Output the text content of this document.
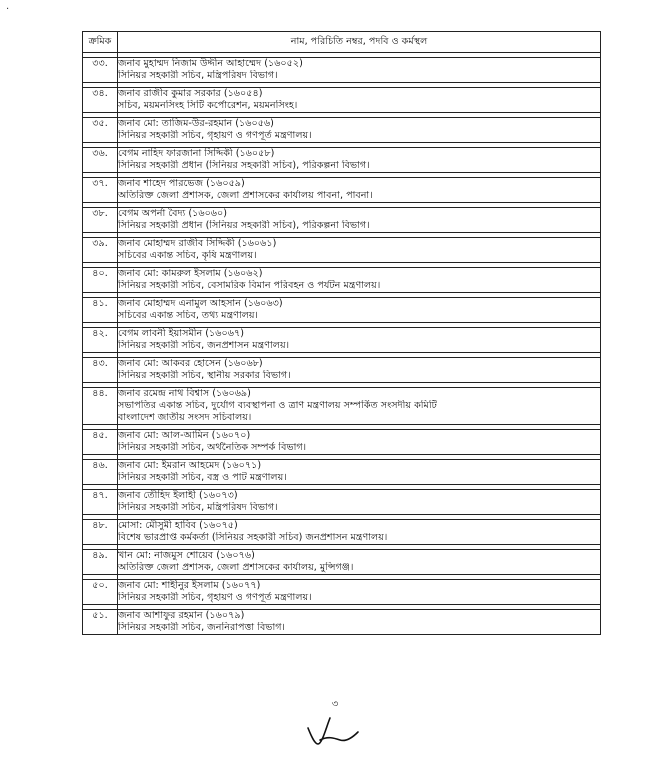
·
ক্রমিক	নাম, পরিচিতি নম্বর, পদবি ও কর্মস্থল

৩৩.	জনাব মুহাম্মদ নিজাম উদ্দীন আহাম্মেদ (১৬০৫২)
সিনিয়র সহকারী সচিব, মন্ত্রিপরিষদ বিভাগ।

৩৪.	জনাব রাজীব কুমার সরকার (১৬০৫৪)
সচিব, ময়মনসিংহ সিটি কর্পোরেশন, ময়মনসিংহ।

৩৫.	জনাব মো: তাজিম-উর-রহমান (১৬০৫৬)
সিনিয়র সহকারী সচিব, গৃহায়ণ ও গণপূর্ত মন্ত্রণালয়।

৩৬.	বেগম নাহিদ ফারজানা সিদ্দিকী (১৬০৫৮)
সিনিয়র সহকারী প্রধান (সিনিয়র সহকারী সচিব), পরিকল্পনা বিভাগ।

৩৭.	জনাব শাহেদ পারভেজ (১৬০৫৯)
অতিরিক্ত জেলা প্রশাসক, জেলা প্রশাসকের কার্যালয় পাবনা, পাবনা।

৩৮.	বেগম অপর্না বৈদ্য (১৬০৬০)
সিনিয়র সহকারী প্রধান (সিনিয়র সহকারী সচিব), পরিকল্পনা বিভাগ।

৩৯.	জনাব মোহাম্মদ রাজীব সিদ্দিকী (১৬০৬১)
সচিবের একান্ত সচিব, কৃষি মন্ত্রণালয়।

৪০.	জনাব মো: কামরুল ইসলাম (১৬০৬২)
সিনিয়র সহকারী সচিব, বেসামরিক বিমান পরিবহন ও পর্যটন মন্ত্রণালয়।

৪১.	জনাব মোহাম্মদ এনামুল আহসান (১৬০৬৩)
সচিবের একান্ত সচিব, তথ্য মন্ত্রণালয়।

৪২.	বেগম লাবনী ইয়াসমীন (১৬০৬৭)
সিনিয়র সহকারী সচিব, জনপ্রশাসন মন্ত্রণালয়।

৪৩.	জনাব মো: আকবর হোসেন (১৬০৬৮)
সিনিয়র সহকারী সচিব, স্থানীয় সরকার বিভাগ।

৪৪.	জনাব রমেন্দ্র নাথ বিশ্বাস (১৬০৬৯)
সভাপতির একান্ত সচিব, দুর্যোগ ব্যবস্থাপনা ও ত্রাণ মন্ত্রণালয় সম্পর্কিত সংসদীয় কমিটি
বাংলাদেশ জাতীয় সংসদ সচিবালয়।

৪৫.	জনাব মো: আল-আমিন (১৬০৭০)
সিনিয়র সহকারী সচিব, অর্থনৈতিক সম্পর্ক বিভাগ।

৪৬.	জনাব মো: ইমরান আহমেদ (১৬০৭১)
সিনিয়র সহকারী সচিব, বস্ত্র ও পাট মন্ত্রণালয়।

৪৭.	জনাব তৌহিদ ইলাহী (১৬০৭৩)
সিনিয়র সহকারী সচিব, মন্ত্রিপরিষদ বিভাগ।

৪৮.	মোসা: মৌসুমী হাবিব (১৬০৭৫)
বিশেষ ভারপ্রাপ্ত কর্মকর্তা (সিনিয়র সহকারী সচিব) জনপ্রশাসন মন্ত্রণালয়।

৪৯.	খান মো: নাজমুস শোয়েব (১৬০৭৬)
অতিরিক্ত জেলা প্রশাসক, জেলা প্রশাসকের কার্যালয়, মুন্সিগঞ্জ।

৫০.	জনাব মো: শাহীনুর ইসলাম (১৬০৭৭)
সিনিয়র সহকারী সচিব, গৃহায়ণ ও গণপূর্ত মন্ত্রণালয়।

৫১.	জনাব আশাফুর রহমান (১৬০৭৯)
সিনিয়র সহকারী সচিব, জননিরাপত্তা বিভাগ।
৩
